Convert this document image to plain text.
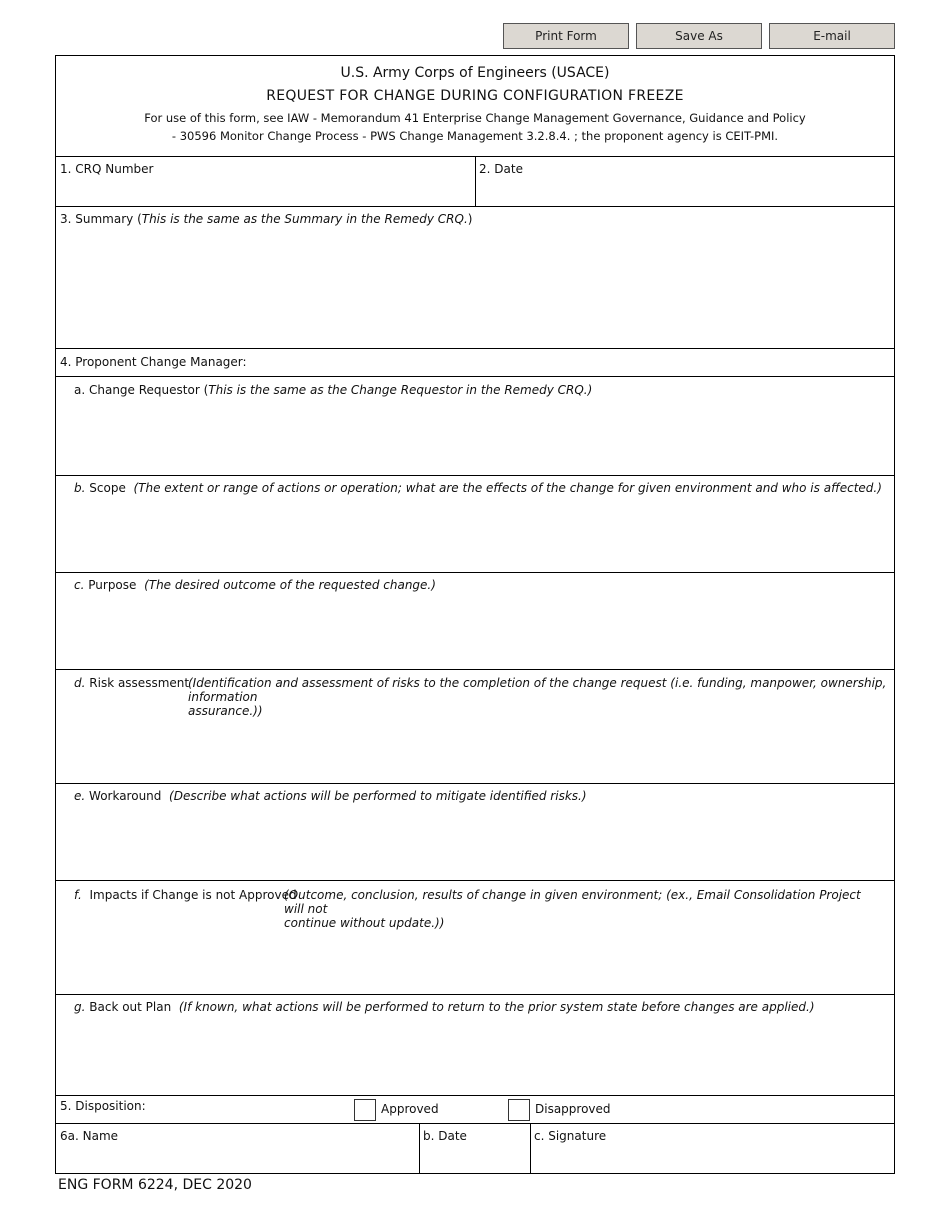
Print Form	Save As	E-mail
U.S. Army Corps of Engineers (USACE)
REQUEST FOR CHANGE DURING CONFIGURATION FREEZE
For use of this form, see IAW - Memorandum 41 Enterprise Change Management Governance, Guidance and Policy
- 30596 Monitor Change Process - PWS Change Management 3.2.8.4. ; the proponent agency is CEIT-PMI.
1. CRQ Number	2. Date
3. Summary (This is the same as the Summary in the Remedy CRQ.)
4. Proponent Change Manager:
a. Change Requestor (This is the same as the Change Requestor in the Remedy CRQ.)
b. Scope (The extent or range of actions or operation; what are the effects of the change for given environment and who is affected.)
c. Purpose (The desired outcome of the requested change.)
d. Risk assessment
(Identification and assessment of risks to the completion of the change request (i.e. funding, manpower, ownership, information
assurance.))
e. Workaround (Describe what actions will be performed to mitigate identified risks.)
f. Impacts if Change is not Approved
(Outcome, conclusion, results of change in given environment; (ex., Email Consolidation Project will not
continue without update.))
g. Back out Plan (If known, what actions will be performed to return to the prior system state before changes are applied.)
5. Disposition:	Approved	Disapproved
6a. Name	b. Date	c. Signature
ENG FORM 6224, DEC 2020
